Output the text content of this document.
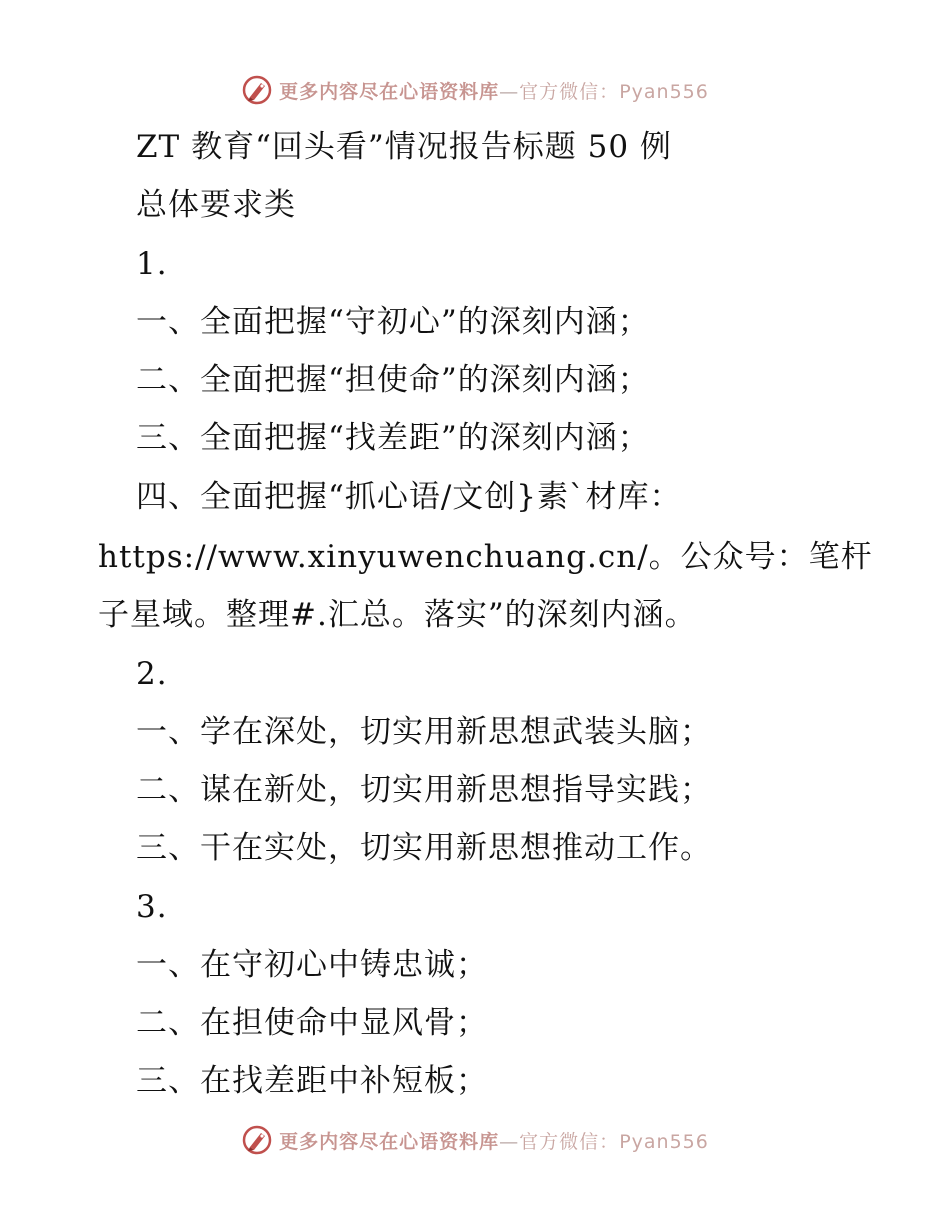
更多内容尽在心语资料库—官方微信：Pyan556
ZT 教育“回头看”情况报告标题 50 例
总体要求类
1.
一、全面把握“守初心”的深刻内涵；
二、全面把握“担使命”的深刻内涵；
三、全面把握“找差距”的深刻内涵；
四、全面把握“抓心语/文创}素`材库：
https://www.xinyuwenchuang.cn/。公众号：笔杆
子星域。整理#.汇总。落实”的深刻内涵。
2.
一、学在深处，切实用新思想武装头脑；
二、谋在新处，切实用新思想指导实践；
三、干在实处，切实用新思想推动工作。
3.
一、在守初心中铸忠诚；
二、在担使命中显风骨；
三、在找差距中补短板；
更多内容尽在心语资料库—官方微信：Pyan556
